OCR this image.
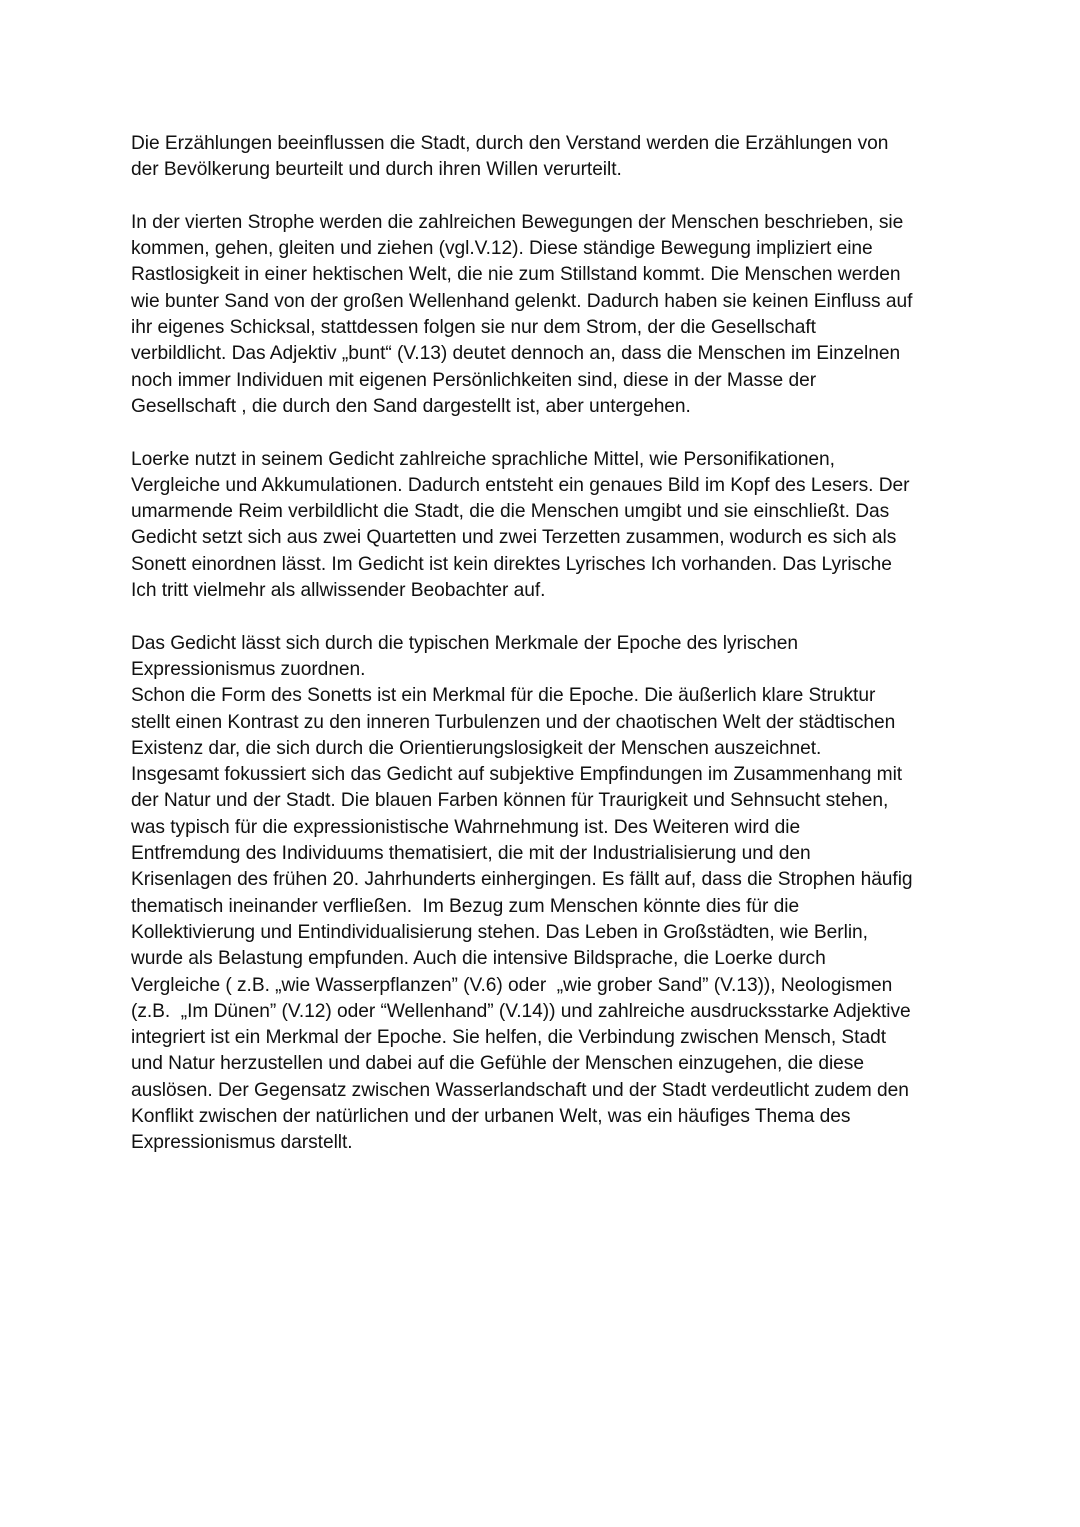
Die Erzählungen beeinflussen die Stadt, durch den Verstand werden die Erzählungen von
der Bevölkerung beurteilt und durch ihren Willen verurteilt.

In der vierten Strophe werden die zahlreichen Bewegungen der Menschen beschrieben, sie
kommen, gehen, gleiten und ziehen (vgl.V.12). Diese ständige Bewegung impliziert eine
Rastlosigkeit in einer hektischen Welt, die nie zum Stillstand kommt. Die Menschen werden
wie bunter Sand von der großen Wellenhand gelenkt. Dadurch haben sie keinen Einfluss auf
ihr eigenes Schicksal, stattdessen folgen sie nur dem Strom, der die Gesellschaft
verbildlicht. Das Adjektiv „bunt“ (V.13) deutet dennoch an, dass die Menschen im Einzelnen
noch immer Individuen mit eigenen Persönlichkeiten sind, diese in der Masse der
Gesellschaft , die durch den Sand dargestellt ist, aber untergehen.

Loerke nutzt in seinem Gedicht zahlreiche sprachliche Mittel, wie Personifikationen,
Vergleiche und Akkumulationen. Dadurch entsteht ein genaues Bild im Kopf des Lesers. Der
umarmende Reim verbildlicht die Stadt, die die Menschen umgibt und sie einschließt. Das
Gedicht setzt sich aus zwei Quartetten und zwei Terzetten zusammen, wodurch es sich als
Sonett einordnen lässt. Im Gedicht ist kein direktes Lyrisches Ich vorhanden. Das Lyrische
Ich tritt vielmehr als allwissender Beobachter auf.

Das Gedicht lässt sich durch die typischen Merkmale der Epoche des lyrischen
Expressionismus zuordnen.
Schon die Form des Sonetts ist ein Merkmal für die Epoche. Die äußerlich klare Struktur
stellt einen Kontrast zu den inneren Turbulenzen und der chaotischen Welt der städtischen
Existenz dar, die sich durch die Orientierungslosigkeit der Menschen auszeichnet.
Insgesamt fokussiert sich das Gedicht auf subjektive Empfindungen im Zusammenhang mit
der Natur und der Stadt. Die blauen Farben können für Traurigkeit und Sehnsucht stehen,
was typisch für die expressionistische Wahrnehmung ist. Des Weiteren wird die
Entfremdung des Individuums thematisiert, die mit der Industrialisierung und den
Krisenlagen des frühen 20. Jahrhunderts einhergingen. Es fällt auf, dass die Strophen häufig
thematisch ineinander verfließen.  Im Bezug zum Menschen könnte dies für die
Kollektivierung und Entindividualisierung stehen. Das Leben in Großstädten, wie Berlin,
wurde als Belastung empfunden. Auch die intensive Bildsprache, die Loerke durch
Vergleiche ( z.B. „wie Wasserpflanzen” (V.6) oder  „wie grober Sand” (V.13)), Neologismen
(z.B.  „Im Dünen” (V.12) oder “Wellenhand” (V.14)) und zahlreiche ausdrucksstarke Adjektive
integriert ist ein Merkmal der Epoche. Sie helfen, die Verbindung zwischen Mensch, Stadt
und Natur herzustellen und dabei auf die Gefühle der Menschen einzugehen, die diese
auslösen. Der Gegensatz zwischen Wasserlandschaft und der Stadt verdeutlicht zudem den
Konflikt zwischen der natürlichen und der urbanen Welt, was ein häufiges Thema des
Expressionismus darstellt.
